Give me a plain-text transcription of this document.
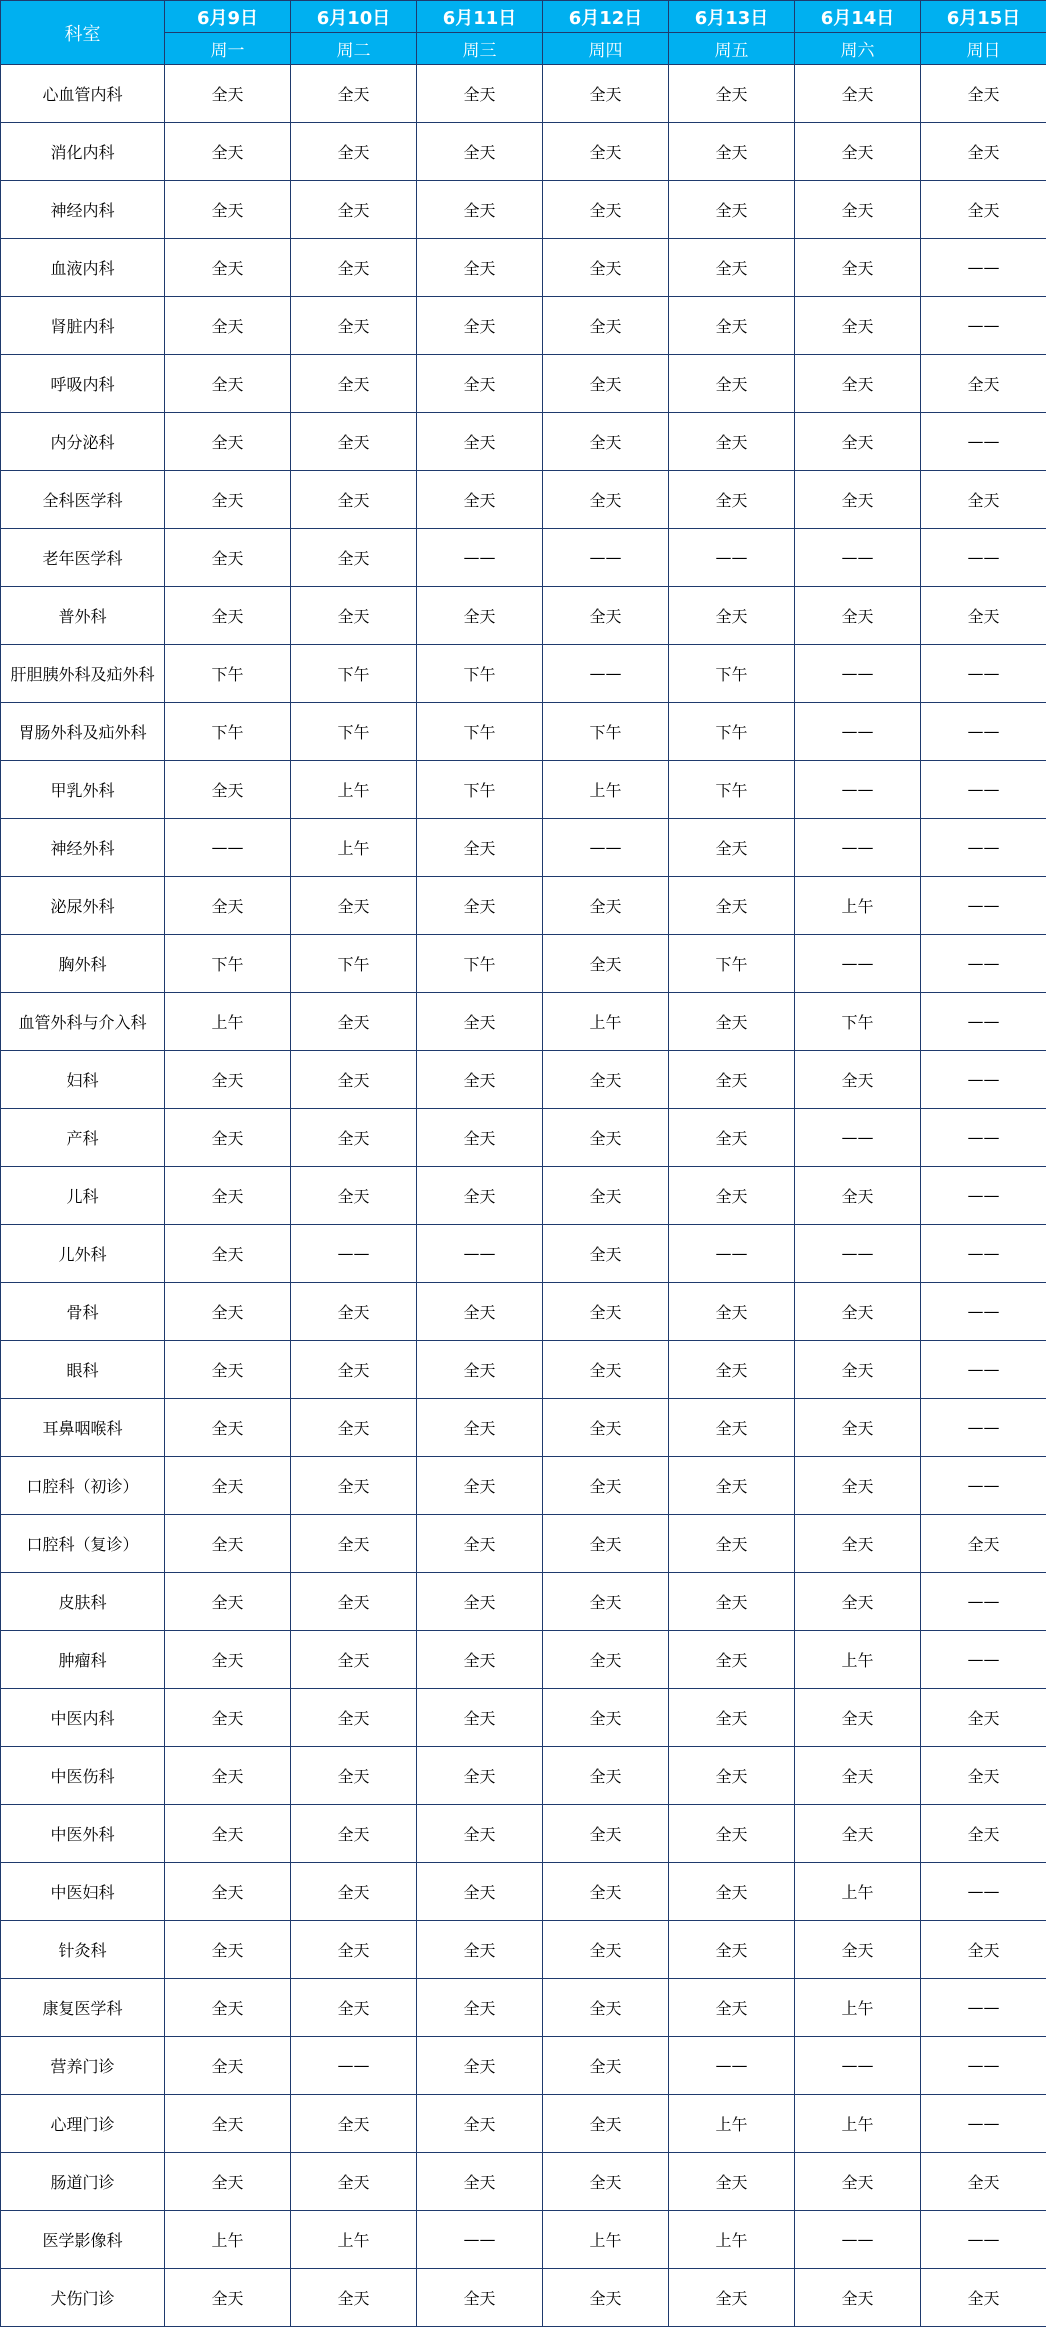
科室	6月9日	6月10日	6月11日	6月12日	6月13日	6月14日	6月15日
	周一	周二	周三	周四	周五	周六	周日
心血管内科	全天	全天	全天	全天	全天	全天	全天
消化内科	全天	全天	全天	全天	全天	全天	全天
神经内科	全天	全天	全天	全天	全天	全天	全天
血液内科	全天	全天	全天	全天	全天	全天	——
肾脏内科	全天	全天	全天	全天	全天	全天	——
呼吸内科	全天	全天	全天	全天	全天	全天	全天
内分泌科	全天	全天	全天	全天	全天	全天	——
全科医学科	全天	全天	全天	全天	全天	全天	全天
老年医学科	全天	全天	——	——	——	——	——
普外科	全天	全天	全天	全天	全天	全天	全天
肝胆胰外科及疝外科	下午	下午	下午	——	下午	——	——
胃肠外科及疝外科	下午	下午	下午	下午	下午	——	——
甲乳外科	全天	上午	下午	上午	下午	——	——
神经外科	——	上午	全天	——	全天	——	——
泌尿外科	全天	全天	全天	全天	全天	上午	——
胸外科	下午	下午	下午	全天	下午	——	——
血管外科与介入科	上午	全天	全天	上午	全天	下午	——
妇科	全天	全天	全天	全天	全天	全天	——
产科	全天	全天	全天	全天	全天	——	——
儿科	全天	全天	全天	全天	全天	全天	——
儿外科	全天	——	——	全天	——	——	——
骨科	全天	全天	全天	全天	全天	全天	——
眼科	全天	全天	全天	全天	全天	全天	——
耳鼻咽喉科	全天	全天	全天	全天	全天	全天	——
口腔科（初诊）	全天	全天	全天	全天	全天	全天	——
口腔科（复诊）	全天	全天	全天	全天	全天	全天	全天
皮肤科	全天	全天	全天	全天	全天	全天	——
肿瘤科	全天	全天	全天	全天	全天	上午	——
中医内科	全天	全天	全天	全天	全天	全天	全天
中医伤科	全天	全天	全天	全天	全天	全天	全天
中医外科	全天	全天	全天	全天	全天	全天	全天
中医妇科	全天	全天	全天	全天	全天	上午	——
针灸科	全天	全天	全天	全天	全天	全天	全天
康复医学科	全天	全天	全天	全天	全天	上午	——
营养门诊	全天	——	全天	全天	——	——	——
心理门诊	全天	全天	全天	全天	上午	上午	——
肠道门诊	全天	全天	全天	全天	全天	全天	全天
医学影像科	上午	上午	——	上午	上午	——	——
犬伤门诊	全天	全天	全天	全天	全天	全天	全天
